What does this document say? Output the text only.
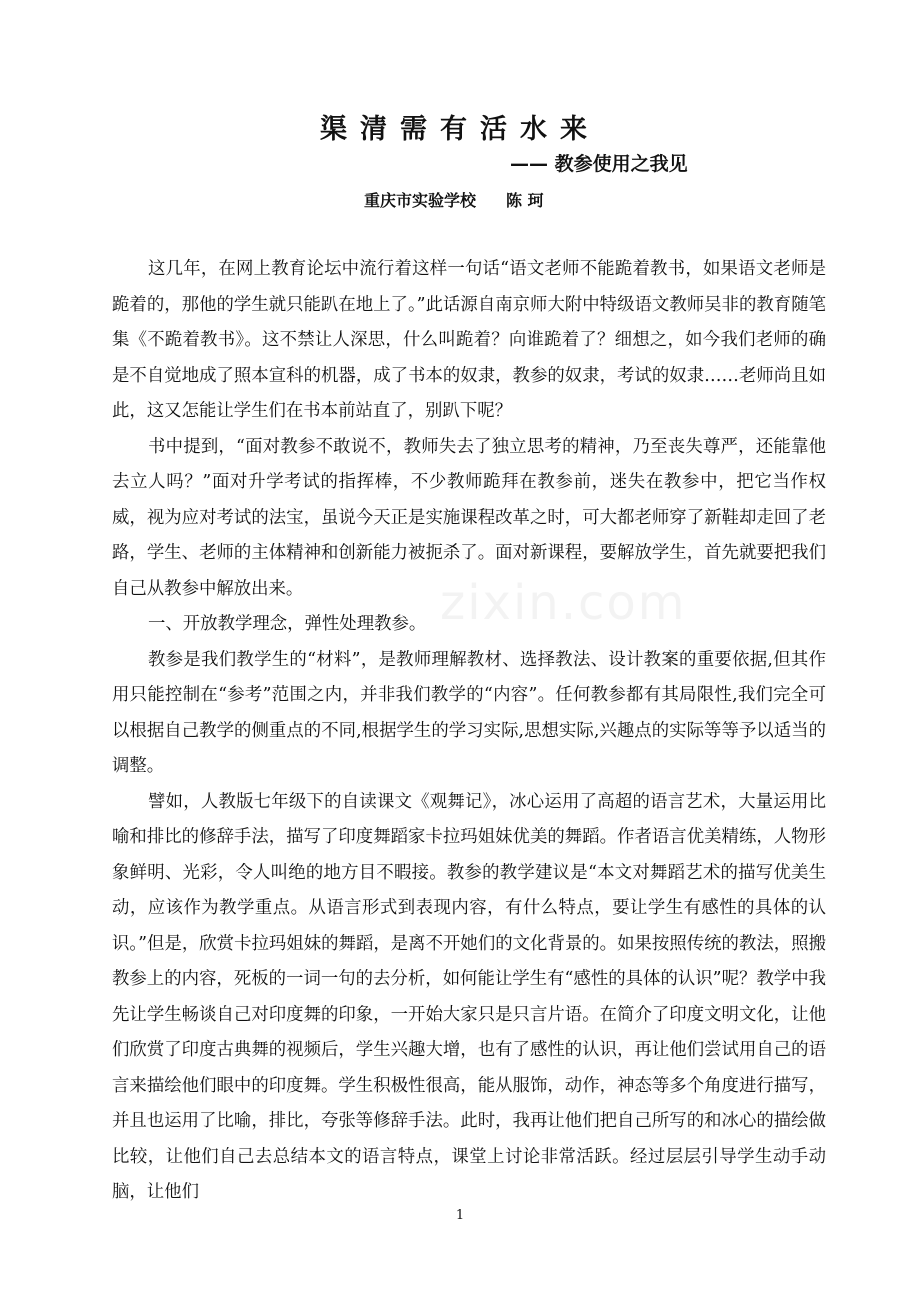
渠清需有活水来
—— 教参使用之我见
重庆市实验学校 陈 珂
zixin.com

这几年，在网上教育论坛中流行着这样一句话“语文老师不能跪着教书，如果语文老师是跪着的，那他的学生就只能趴在地上了。”此话源自南京师大附中特级语文教师吴非的教育随笔集《不跪着教书》。这不禁让人深思，什么叫跪着？向谁跪着了？细想之，如今我们老师的确是不自觉地成了照本宣科的机器，成了书本的奴隶，教参的奴隶，考试的奴隶……老师尚且如此，这又怎能让学生们在书本前站直了，别趴下呢？

书中提到，“面对教参不敢说不，教师失去了独立思考的精神，乃至丧失尊严，还能靠他去立人吗？”面对升学考试的指挥棒，不少教师跪拜在教参前，迷失在教参中，把它当作权威，视为应对考试的法宝，虽说今天正是实施课程改革之时，可大都老师穿了新鞋却走回了老路，学生、老师的主体精神和创新能力被扼杀了。面对新课程，要解放学生，首先就要把我们自己从教参中解放出来。

一、开放教学理念，弹性处理教参。

教参是我们教学生的“材料”，是教师理解教材、选择教法、设计教案的重要依据,但其作用只能控制在“参考”范围之内，并非我们教学的“内容”。任何教参都有其局限性,我们完全可以根据自己教学的侧重点的不同,根据学生的学习实际,思想实际,兴趣点的实际等等予以适当的调整。

譬如，人教版七年级下的自读课文《观舞记》，冰心运用了高超的语言艺术，大量运用比喻和排比的修辞手法，描写了印度舞蹈家卡拉玛姐妹优美的舞蹈。作者语言优美精练，人物形象鲜明、光彩，令人叫绝的地方目不暇接。教参的教学建议是“本文对舞蹈艺术的描写优美生动，应该作为教学重点。从语言形式到表现内容，有什么特点，要让学生有感性的具体的认识。”但是，欣赏卡拉玛姐妹的舞蹈，是离不开她们的文化背景的。如果按照传统的教法，照搬教参上的内容，死板的一词一句的去分析，如何能让学生有“感性的具体的认识”呢？教学中我先让学生畅谈自己对印度舞的印象，一开始大家只是只言片语。在简介了印度文明文化，让他们欣赏了印度古典舞的视频后，学生兴趣大增，也有了感性的认识，再让他们尝试用自己的语言来描绘他们眼中的印度舞。学生积极性很高，能从服饰，动作，神态等多个角度进行描写，并且也运用了比喻，排比，夸张等修辞手法。此时，我再让他们把自己所写的和冰心的描绘做比较，让他们自己去总结本文的语言特点，课堂上讨论非常活跃。经过层层引导学生动手动脑，让他们

1
